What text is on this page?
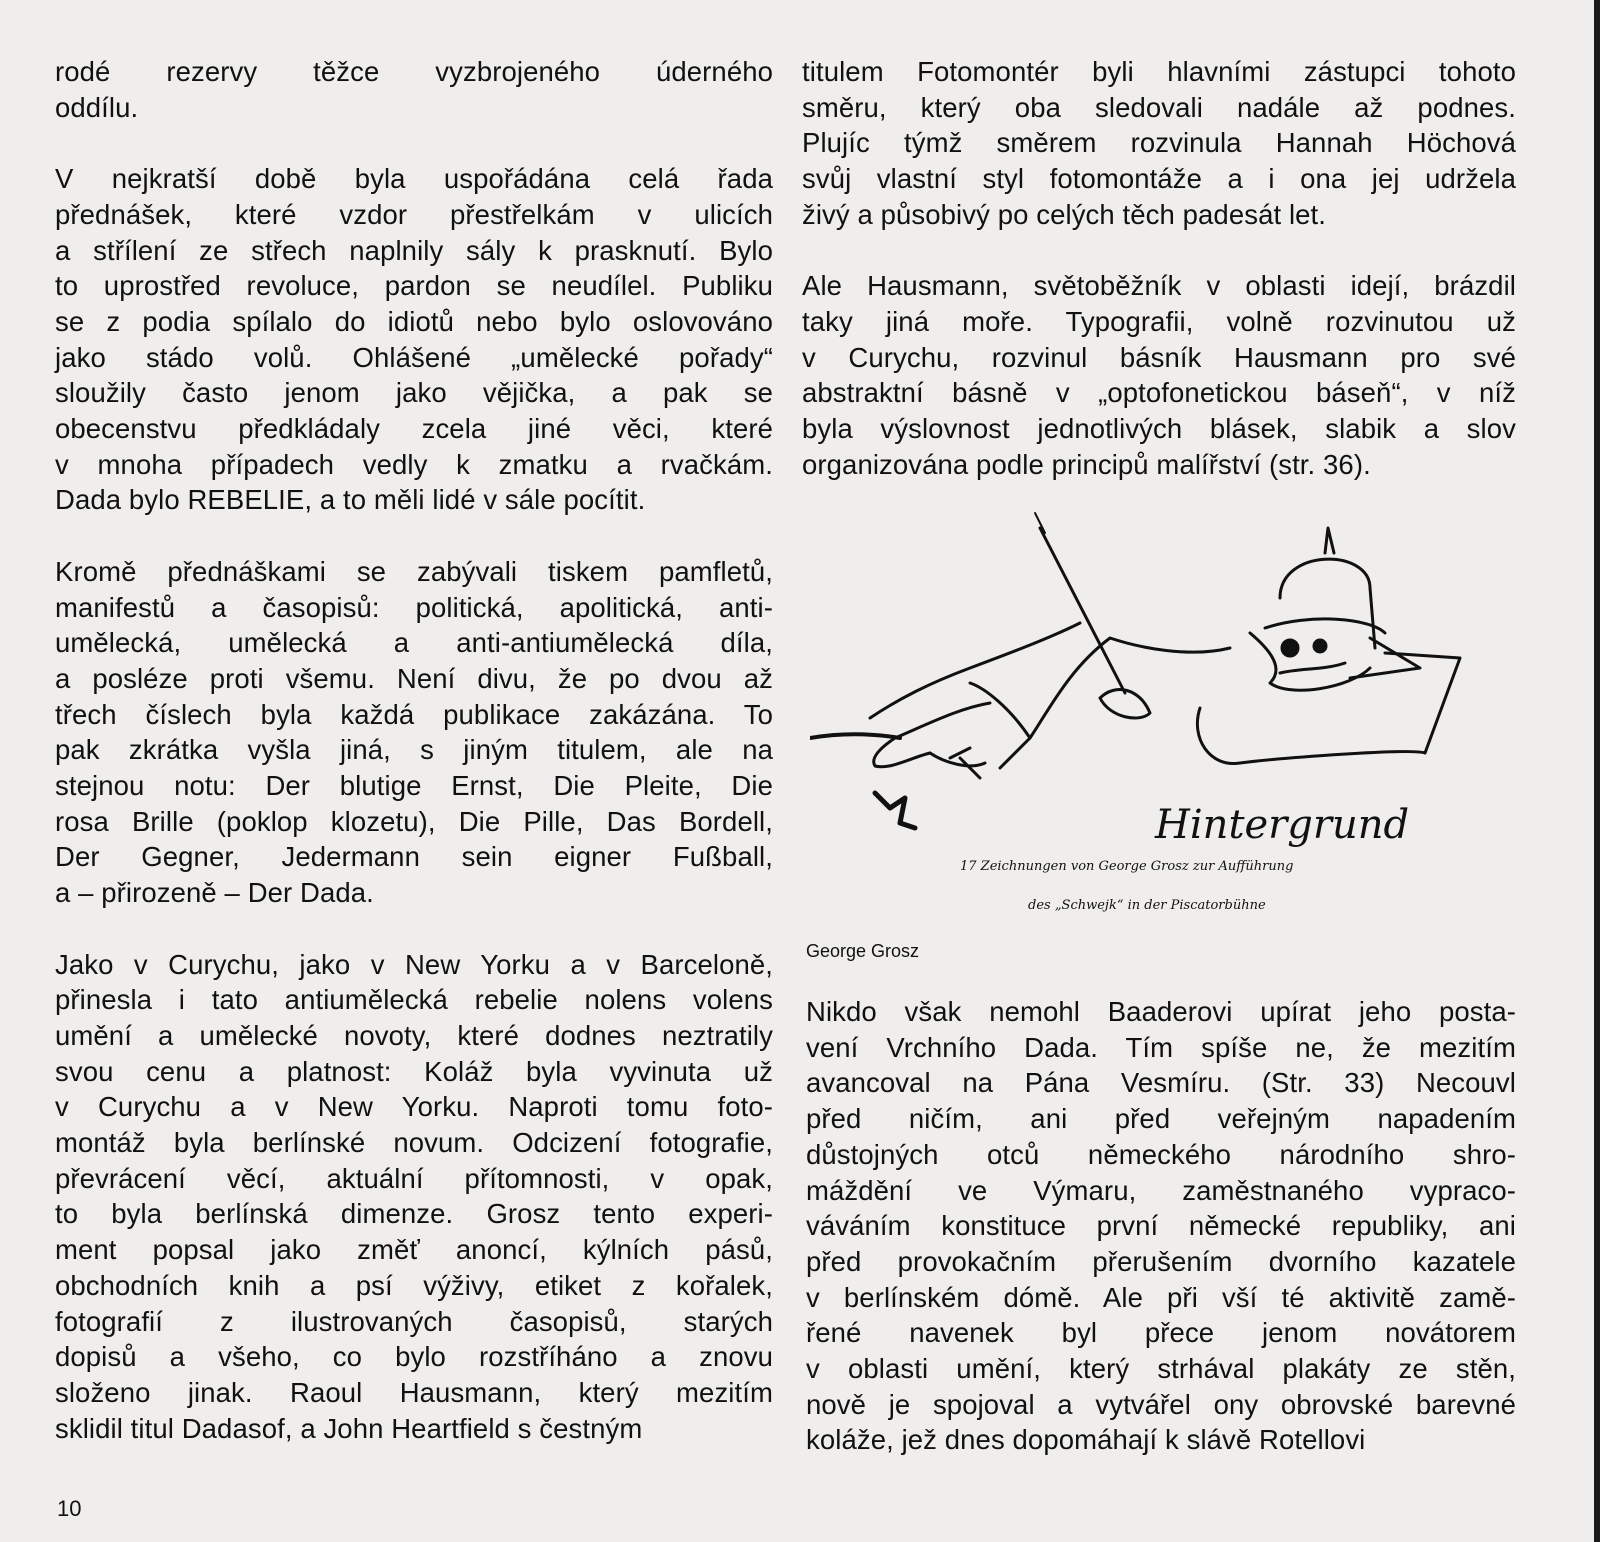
rodé rezervy těžce vyzbrojeného úderného
oddílu.

V nejkratší době byla uspořádána celá řada
přednášek, které vzdor přestřelkám v ulicích
a střílení ze střech naplnily sály k prasknutí. Bylo
to uprostřed revoluce, pardon se neudílel. Publiku
se z podia spílalo do idiotů nebo bylo oslovováno
jako stádo volů. Ohlášené „umělecké pořady“
sloužily často jenom jako vějička, a pak se
obecenstvu předkládaly zcela jiné věci, které
v mnoha případech vedly k zmatku a rvačkám.
Dada bylo REBELIE, a to měli lidé v sále pocítit.

Kromě přednáškami se zabývali tiskem pamfletů,
manifestů a časopisů: politická, apolitická, anti-
umělecká, umělecká a anti-antiumělecká díla,
a posléze proti všemu. Není divu, že po dvou až
třech číslech byla každá publikace zakázána. To
pak zkrátka vyšla jiná, s jiným titulem, ale na
stejnou notu: Der blutige Ernst, Die Pleite, Die
rosa Brille (poklop klozetu), Die Pille, Das Bordell,
Der Gegner, Jedermann sein eigner Fußball,
a – přirozeně – Der Dada.

Jako v Curychu, jako v New Yorku a v Barceloně,
přinesla i tato antiumělecká rebelie nolens volens
umění a umělecké novoty, které dodnes neztratily
svou cenu a platnost: Koláž byla vyvinuta už
v Curychu a v New Yorku. Naproti tomu foto-
montáž byla berlínské novum. Odcizení fotografie,
převrácení věcí, aktuální přítomnosti, v opak,
to byla berlínská dimenze. Grosz tento experi-
ment popsal jako změť anoncí, kýlních pásů,
obchodních knih a psí výživy, etiket z kořalek,
fotografií z ilustrovaných časopisů, starých
dopisů a všeho, co bylo rozstříháno a znovu
složeno jinak. Raoul Hausmann, který mezitím
sklidil titul Dadasof, a John Heartfield s čestným

titulem Fotomontér byli hlavními zástupci tohoto
směru, který oba sledovali nadále až podnes.
Plujíc týmž směrem rozvinula Hannah Höchová
svůj vlastní styl fotomontáže a i ona jej udržela
živý a působivý po celých těch padesát let.

Ale Hausmann, světoběžník v oblasti idejí, brázdil
taky jiná moře. Typografii, volně rozvinutou už
v Curychu, rozvinul básník Hausmann pro své
abstraktní básně v „optofonetickou báseň“, v níž
byla výslovnost jednotlivých blásek, slabik a slov
organizována podle principů malířství (str. 36).

Hintergrund
17 Zeichnungen von George Grosz zur Aufführung
des „Schwejk“ in der Piscatorbühne
George Grosz

Nikdo však nemohl Baaderovi upírat jeho posta-
vení Vrchního Dada. Tím spíše ne, že mezitím
avancoval na Pána Vesmíru. (Str. 33) Necouvl
před ničím, ani před veřejným napadením
důstojných otců německého národního shro-
máždění ve Výmaru, zaměstnaného vypraco-
váváním konstituce první německé republiky, ani
před provokačním přerušením dvorního kazatele
v berlínském dómě. Ale při vší té aktivitě zamě-
řené navenek byl přece jenom novátorem
v oblasti umění, který strhával plakáty ze stěn,
nově je spojoval a vytvářel ony obrovské barevné
koláže, jež dnes dopomáhají k slávě Rotellovi

10
